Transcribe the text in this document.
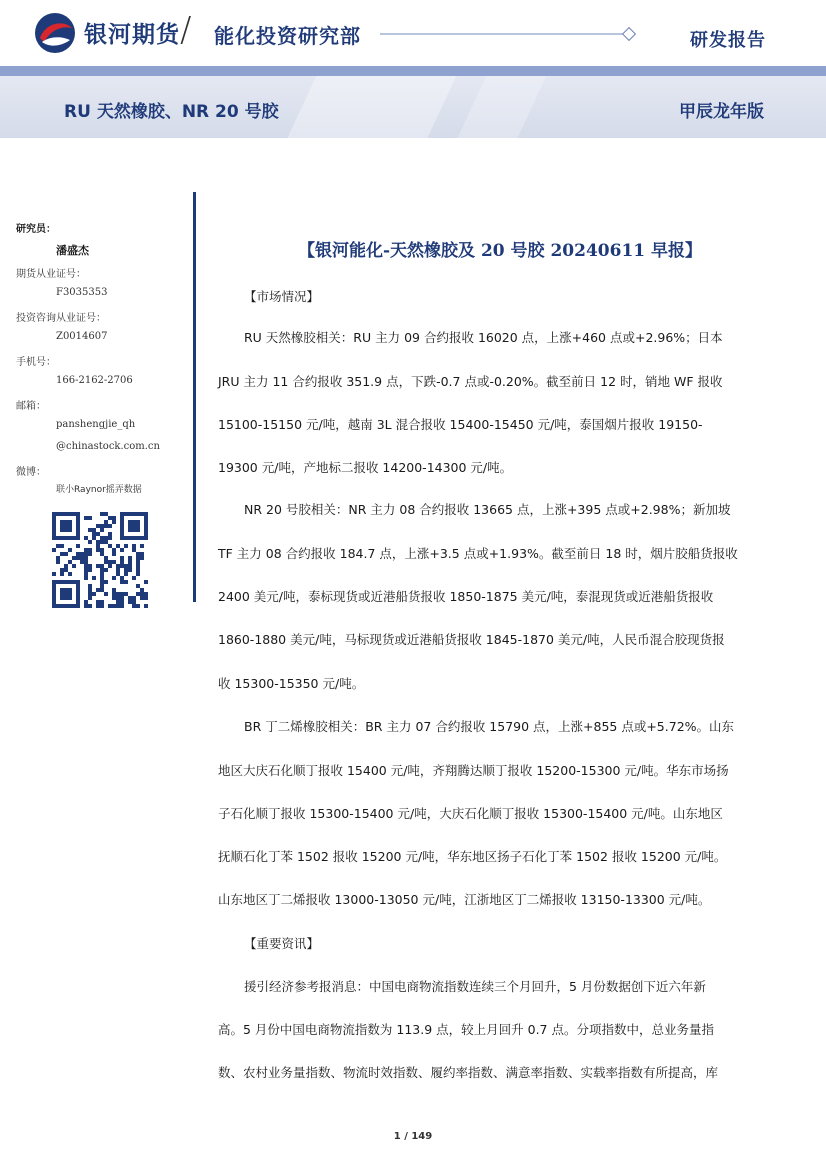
银河期货 / 能化投资研究部	研发报告
RU 天然橡胶、NR 20 号胶	甲辰龙年版
研究员：
潘盛杰
期货从业证号：
F3035353
投资咨询从业证号：
Z0014607
手机号：
166-2162-2706
邮箱：
panshengjie_qh
@chinastock.com.cn
微博：
联小Raynor摇弄数据
【银河能化-天然橡胶及 20 号胶 20240611 早报】
【市场情况】
RU 天然橡胶相关：RU 主力 09 合约报收 16020 点，上涨+460 点或+2.96%；日本
JRU 主力 11 合约报收 351.9 点，下跌-0.7 点或-0.20%。截至前日 12 时，销地 WF 报收
15100-15150 元/吨，越南 3L 混合报收 15400-15450 元/吨，泰国烟片报收 19150-
19300 元/吨，产地标二报收 14200-14300 元/吨。
NR 20 号胶相关：NR 主力 08 合约报收 13665 点，上涨+395 点或+2.98%；新加坡
TF 主力 08 合约报收 184.7 点，上涨+3.5 点或+1.93%。截至前日 18 时，烟片胶船货报收
2400 美元/吨，泰标现货或近港船货报收 1850-1875 美元/吨，泰混现货或近港船货报收
1860-1880 美元/吨，马标现货或近港船货报收 1845-1870 美元/吨，人民币混合胶现货报
收 15300-15350 元/吨。
BR 丁二烯橡胶相关：BR 主力 07 合约报收 15790 点，上涨+855 点或+5.72%。山东
地区大庆石化顺丁报收 15400 元/吨，齐翔腾达顺丁报收 15200-15300 元/吨。华东市场扬
子石化顺丁报收 15300-15400 元/吨，大庆石化顺丁报收 15300-15400 元/吨。山东地区
抚顺石化丁苯 1502 报收 15200 元/吨，华东地区扬子石化丁苯 1502 报收 15200 元/吨。
山东地区丁二烯报收 13000-13050 元/吨，江浙地区丁二烯报收 13150-13300 元/吨。
【重要资讯】
援引经济参考报消息：中国电商物流指数连续三个月回升，5 月份数据创下近六年新
高。5 月份中国电商物流指数为 113.9 点，较上月回升 0.7 点。分项指数中，总业务量指
数、农村业务量指数、物流时效指数、履约率指数、满意率指数、实载率指数有所提高，库
1 / 149
